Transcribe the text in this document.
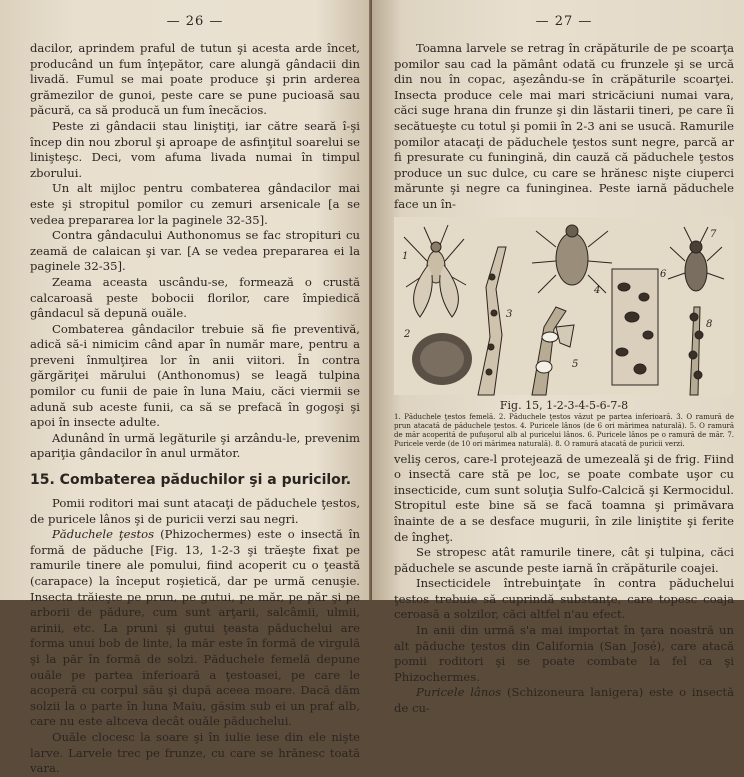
— 26 —

dacilor, aprindem praful de tutun şi acesta arde încet, producând un fum înţepător, care alungă gândacii din livadă. Fumul se mai poate produce şi prin arderea grămezilor de gunoi, peste care se pune pucioasă sau păcură, ca să producă un fum înecăcios.

Peste zi gândacii stau liniştiţi, iar către seară î-şi încep din nou zborul şi aproape de asfinţitul soarelui se linişteşc. Deci, vom afuma livada numai în timpul zborului.

Un alt mijloc pentru combaterea gândacilor mai este şi stropitul pomilor cu zemuri arsenicale [a se vedea prepararea lor la paginele 32-35].

Contra gândacului Authonomus se fac stropituri cu zeamă de calaican şi var. [A se vedea prepararea ei la paginele 32-35].

Zeama aceasta uscându-se, formează o crustă calcaroasă peste bobocii florilor, care împiedică gândacul să depună ouăle.

Combaterea gândacilor trebuie să fie preventivă, adică să-i nimicim când apar în număr mare, pentru a preveni înmulţirea lor în anii viitori. În contra gărgăriţei mărului (Anthonomus) se leagă tulpina pomilor cu funii de paie în luna Maiu, căci viermii se adună sub aceste funii, ca să se prefacă în gogoşi şi apoi în insecte adulte.

Adunând în urmă legăturile şi arzându-le, prevenim apariţia gândacilor în anul următor.

15. Combaterea păduchilor şi a puricilor.

Pomii roditori mai sunt atacaţi de păduchele ţestos, de puricele lânos şi de puricii verzi sau negri.

Păduchele ţestos (Phizochermes) este o insectă în formă de păduche [Fig. 13, 1-2-3 şi trăeşte fixat pe ramurile tinere ale pomului, fiind acoperit cu o ţeastă (carapace) la început roşietică, dar pe urmă cenuşie. Insecta trăieşte pe prun, pe gutui, pe măr, pe păr şi pe arborii de pădure, cum sunt arţarii, salcâmii, ulmii, arinii, etc. La pruni şi gutui ţeasta păduchelui are forma unui bob de linte, la măr este în formă de virgulă şi la păr în formă de solzi. Păduchele femelă depune ouăle pe partea inferioară a ţestoasei, pe care le acoperă cu corpul său şi după aceea moare. Dacă dăm solzii la o parte în luna Maiu, găsim sub ei un praf alb, care nu este altceva decât ouăle păduchelui.

Ouăle clocesc la soare şi în iulie iese din ele nişte larve. Larvele trec pe frunze, cu care se hrănesc toată vara.

— 27 —

Toamna larvele se retrag în crăpăturile de pe scoarţa pomilor sau cad la pământ odată cu frunzele şi se urcă din nou în copac, aşezându-se în crăpăturile scoarţei. Insecta produce cele mai mari stricăciuni numai vara, căci suge hrana din frunze şi din lăstarii tineri, pe care îi secătueşte cu totul şi pomii în 2-3 ani se usucă. Ramurile pomilor atacaţi de păduchele ţestos sunt negre, parcă ar fi presurate cu funingină, din cauză că păduchele ţestos produce un suc dulce, cu care se hrănesc nişte ciuperci mărunte şi negre ca funinginea. Peste iarnă păduchele face un în-

1
2
3
4
5
6
7
8
Fig. 15, 1-2-3-4-5-6-7-8
1. Păduchele ţestos femelă. 2. Păduchele ţestos văzut pe partea inferioară. 3. O ramură de prun atacată de păduchele ţestos. 4. Puricele lânos (de 6 ori mărimea naturală). 5. O ramură de măr acoperită de pufuşorul alb al puricelui lânos. 6. Puricele lânos pe o ramură de măr. 7. Puricele verde (de 10 ori mărimea naturală). 8. O ramură atacată de puricii verzi.

veliş ceros, care-l protejează de umezeală şi de frig. Fiind o insectă care stă pe loc, se poate combate uşor cu insecticide, cum sunt soluţia Sulfo-Calcică şi Kermocidul. Stropitul este bine să se facă toamna şi primăvara înainte de a se desface mugurii, în zile liniştite şi ferite de îngheţ.

Se stropesc atât ramurile tinere, cât şi tulpina, căci păduchele se ascunde peste iarnă în crăpăturile coajei.

Insecticidele întrebuinţate în contra păduchelui ţestos trebuie să cuprindă substanţe, care topesc coaja ceroasă a solzilor, căci altfel n'au efect.

In anii din urmă s'a mai importat în ţara noastră un alt păduche ţestos din California (San José), care atacă pomii roditori şi se poate combate la fel ca şi Phizochermes.

Puricele lânos (Schizoneura lanigera) este o insectă de cu-
